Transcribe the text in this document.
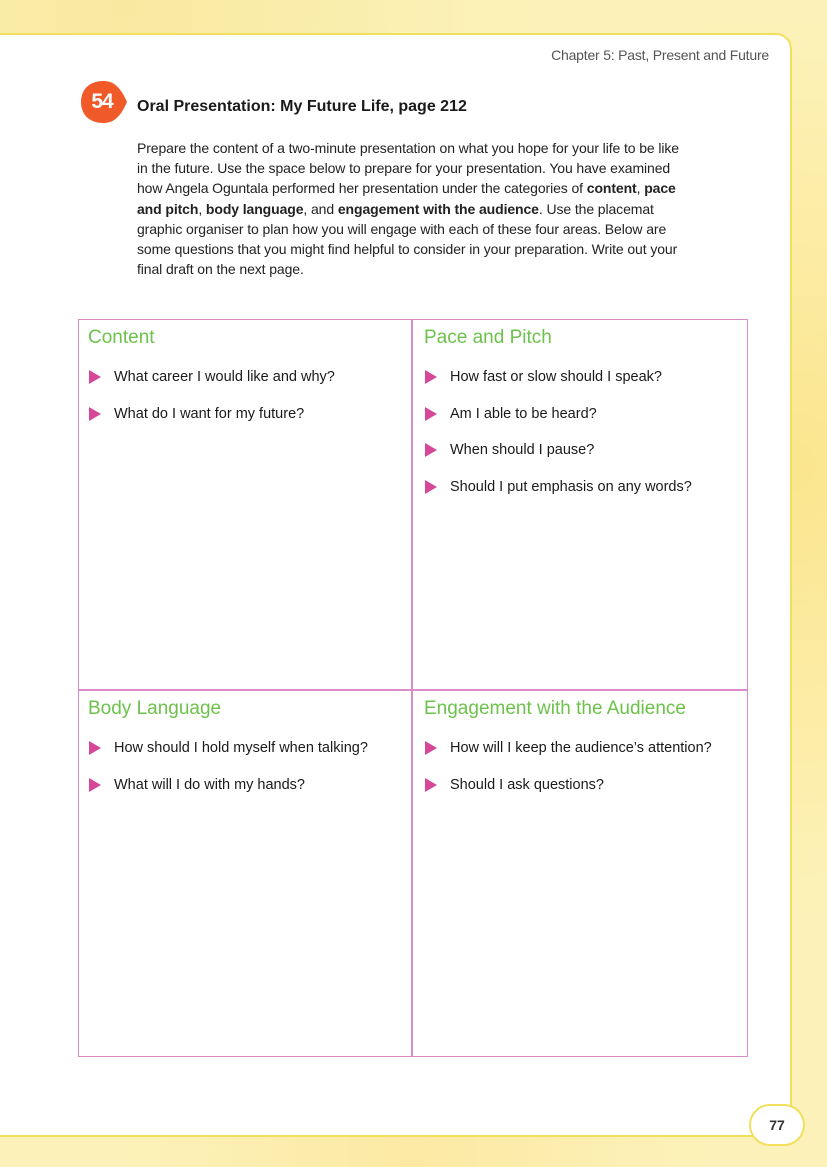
Chapter 5: Past, Present and Future
54	Oral Presentation: My Future Life, page 212
Prepare the content of a two-minute presentation on what you hope for your life to be like in the future. Use the space below to prepare for your presentation. You have examined how Angela Oguntala performed her presentation under the categories of content, pace and pitch, body language, and engagement with the audience. Use the placemat graphic organiser to plan how you will engage with each of these four areas. Below are some questions that you might find helpful to consider in your preparation. Write out your final draft on the next page.
Content
What career I would like and why?
What do I want for my future?
Pace and Pitch
How fast or slow should I speak?
Am I able to be heard?
When should I pause?
Should I put emphasis on any words?
Body Language
How should I hold myself when talking?
What will I do with my hands?
Engagement with the Audience
How will I keep the audience’s attention?
Should I ask questions?
77
